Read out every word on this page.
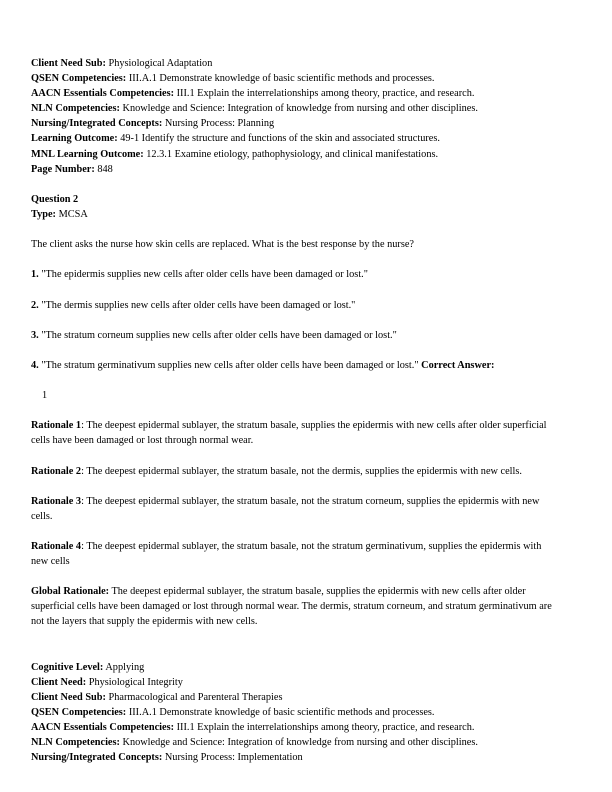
Client Need Sub: Physiological Adaptation
QSEN Competencies: III.A.1 Demonstrate knowledge of basic scientific methods and processes.
AACN Essentials Competencies: III.1 Explain the interrelationships among theory, practice, and research.
NLN Competencies: Knowledge and Science: Integration of knowledge from nursing and other disciplines.
Nursing/Integrated Concepts: Nursing Process: Planning
Learning Outcome: 49-1 Identify the structure and functions of the skin and associated structures.
MNL Learning Outcome: 12.3.1 Examine etiology, pathophysiology, and clinical manifestations.
Page Number: 848
Question 2
Type: MCSA
The client asks the nurse how skin cells are replaced. What is the best response by the nurse?
1. "The epidermis supplies new cells after older cells have been damaged or lost."
2. "The dermis supplies new cells after older cells have been damaged or lost."
3. "The stratum corneum supplies new cells after older cells have been damaged or lost."
4. "The stratum germinativum supplies new cells after older cells have been damaged or lost." Correct Answer:
1
Rationale 1: The deepest epidermal sublayer, the stratum basale, supplies the epidermis with new cells after older superficial cells have been damaged or lost through normal wear.
Rationale 2: The deepest epidermal sublayer, the stratum basale, not the dermis, supplies the epidermis with new cells.
Rationale 3: The deepest epidermal sublayer, the stratum basale, not the stratum corneum, supplies the epidermis with new cells.
Rationale 4: The deepest epidermal sublayer, the stratum basale, not the stratum germinativum, supplies the epidermis with new cells
Global Rationale: The deepest epidermal sublayer, the stratum basale, supplies the epidermis with new cells after older superficial cells have been damaged or lost through normal wear. The dermis, stratum corneum, and stratum germinativum are not the layers that supply the epidermis with new cells.
Cognitive Level: Applying
Client Need: Physiological Integrity
Client Need Sub: Pharmacological and Parenteral Therapies
QSEN Competencies: III.A.1 Demonstrate knowledge of basic scientific methods and processes.
AACN Essentials Competencies: III.1 Explain the interrelationships among theory, practice, and research.
NLN Competencies: Knowledge and Science: Integration of knowledge from nursing and other disciplines.
Nursing/Integrated Concepts: Nursing Process: Implementation
